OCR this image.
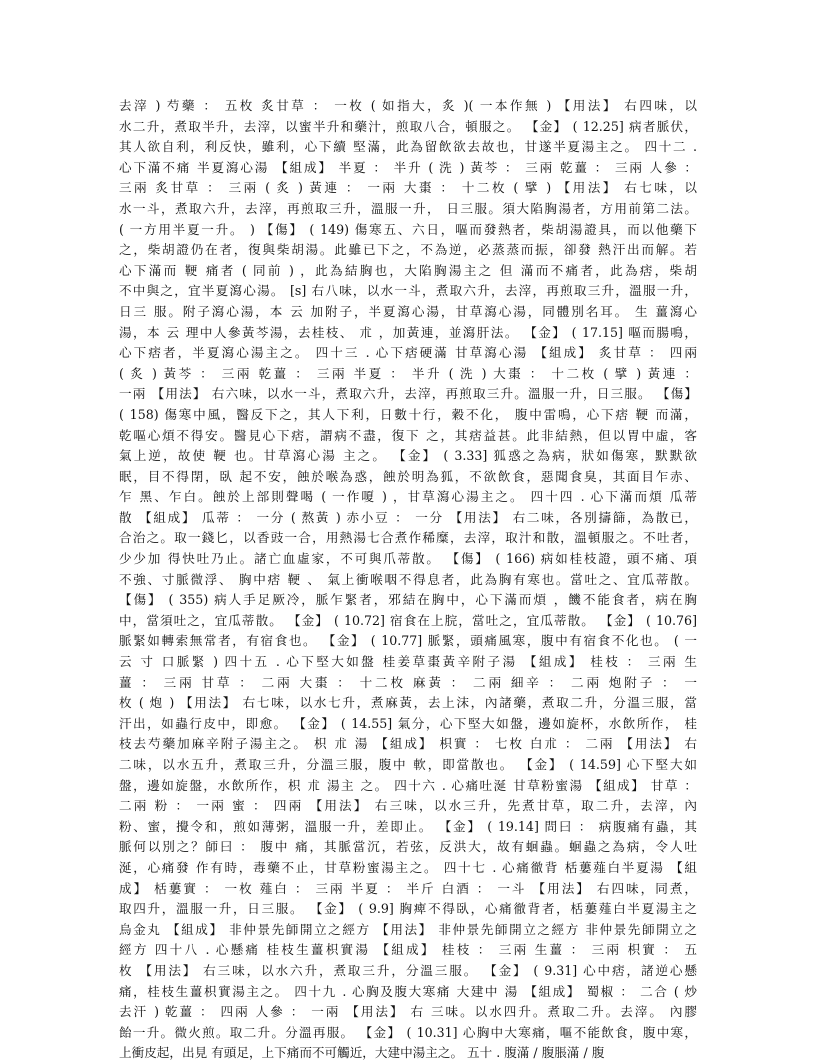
去滓 ) 芍藥 ： 五枚 炙甘草 ： 一枚 ( 如指大，炙 )( 一本作無 ) 【用法】 右四味，以
水二升，煮取半升，去滓，以蜜半升和藥汁，煎取八合，頓服之。 【金】 ( 12.25] 病者脈伏，
其人欲自利，利反快，雖利，心下續 堅滿，此為留飲欲去故也，甘遂半夏湯主之。 四十二 .
心下滿不痛 半夏瀉心湯 【組成】 半夏 ： 半升 ( 洗 ) 黃芩 ： 三兩 乾薑 ： 三兩 人參 ：
三兩 炙甘草 ： 三兩 ( 炙 ) 黃連 ： 一兩 大棗 ： 十二枚 ( 擘 ) 【用法】 右七味，以
水一斗，煮取六升，去滓，再煎取三升，溫服一升， 日三服。須大陷胸湯者，方用前第二法。
( 一方用半夏一升。 ) 【傷】 ( 149) 傷寒五、六日，嘔而發熱者，柴胡湯證具，而以他藥下
之，柴胡證仍在者，復與柴胡湯。此雖已下之，不為逆，必蒸蒸而振，卻發 熱汗出而解。若
心下滿而 鞕 痛者 ( 同前 ) ，此為結胸也，大陷胸湯主之 但 滿而不痛者，此為痞，柴胡
不中與之，宜半夏瀉心湯。 [s] 右八味，以水一斗，煮取六升，去滓，再煎取三升，溫服一升，
日三 服。附子瀉心湯，本 云 加附子，半夏瀉心湯，甘草瀉心湯，同體別名耳。 生 薑瀉心
湯，本 云 理中人參黃芩湯，去桂枝、 朮 ，加黃連，並瀉肝法。 【金】 ( 17.15] 嘔而腸鳴，
心下痞者，半夏瀉心湯主之。 四十三 . 心下痞硬滿 甘草瀉心湯 【組成】 炙甘草 ： 四兩
( 炙 ) 黃芩 ： 三兩 乾薑 ： 三兩 半夏 ： 半升 ( 洗 ) 大棗 ： 十二枚 ( 擘 ) 黃連 ：
一兩 【用法】 右六味，以水一斗，煮取六升，去滓，再煎取三升。溫服一升，日三服。 【傷】
( 158) 傷寒中風，醫反下之，其人下利，日數十行，穀不化， 腹中雷鳴，心下痞 鞕 而滿，
乾嘔心煩不得安。醫見心下痞，謂病不盡，復下 之，其痞益甚。此非結熱，但以胃中虛，客
氣上逆，故使 鞕 也。甘草瀉心湯 主之。 【金】 ( 3.33] 狐惑之為病，狀如傷寒，默默欲
眠，目不得閉，臥 起不安，蝕於喉為惑，蝕於明為狐，不欲飲食，惡聞食臭，其面目乍赤、
乍 黑、乍白。蝕於上部則聲喝 ( 一作嗄 ) ，甘草瀉心湯主之。 四十四 . 心下滿而煩 瓜蒂
散 【組成】 瓜蒂 ： 一分 ( 熬黃 ) 赤小豆 ： 一分 【用法】 右二味，各別擣篩，為散已，
合治之。取一錢匕，以香豉一合，用熱湯七合煮作稀糜，去滓，取汁和散，溫頓服之。不吐者，
少少加 得快吐乃止。諸亡血虛家，不可與爪蒂散。 【傷】 ( 166) 病如桂枝證，頭不痛、項
不強、寸脈微浮、 胸中痞 鞕 、 氣上衝喉咽不得息者，此為胸有寒也。當吐之、宜瓜蒂散。
【傷】 ( 355) 病人手足厥冷，脈乍緊者，邪結在胸中，心下滿而煩 ，饑不能食者，病在胸
中，當須吐之，宜瓜蒂散。 【金】 ( 10.72] 宿食在上脘，當吐之，宜瓜蒂散。 【金】 ( 10.76]
脈緊如轉索無常者，有宿食也。 【金】 ( 10.77] 脈緊，頭痛風寒，腹中有宿食不化也。 ( 一
云 寸 口脈緊 ) 四十五 . 心下堅大如盤 桂姜草棗黃辛附子湯 【組成】 桂枝 ： 三兩 生
薑 ： 三兩 甘草 ： 二兩 大棗 ： 十二枚 麻黃 ： 二兩 細辛 ： 二兩 炮附子 ： 一
枚 ( 炮 ) 【用法】 右七味，以水七升，煮麻黃，去上沫，內諸藥，煮取二升，分溫三服，當
汗出，如蟲行皮中，即愈。 【金】 ( 14.55] 氣分，心下堅大如盤，邊如旋杯，水飲所作， 桂
枝去芍藥加麻辛附子湯主之。 枳 朮 湯 【組成】 枳實 ： 七枚 白朮 ： 二兩 【用法】 右
二味，以水五升，煮取三升，分溫三服，腹中 軟，即當散也。 【金】 ( 14.59] 心下堅大如
盤，邊如旋盤，水飲所作，枳 朮 湯主 之。 四十六 . 心痛吐涎 甘草粉蜜湯 【組成】 甘草 ：
二兩 粉 ： 一兩 蜜 ： 四兩 【用法】 右三味，以水三升，先煮甘草，取二升，去滓，內
粉、蜜，攪令和，煎如薄粥，溫服一升，差即止。 【金】 ( 19.14] 問曰 ： 病腹痛有蟲，其
脈何以別之？師曰 ： 腹中 痛，其脈當沉，若弦，反洪大，故有蛔蟲。蛔蟲之為病，令人吐
涎，心痛發 作有時，毒藥不止，甘草粉蜜湯主之。 四十七 . 心痛徹背 栝蔞薤白半夏湯 【組
成】 栝蔞實 ： 一枚 薤白 ： 三兩 半夏 ： 半斤 白酒 ： 一斗 【用法】 右四味，同煮，
取四升，溫服一升，日三服。 【金】 ( 9.9] 胸痺不得臥，心痛徹背者，栝蔞薤白半夏湯主之
烏金丸 【組成】 非仲景先師開立之經方 【用法】 非仲景先師開立之經方 非仲景先師開立之
經方 四十八 . 心懸痛 桂枝生薑枳實湯 【組成】 桂枝 ： 三兩 生薑 ： 三兩 枳實 ： 五
枚 【用法】 右三味，以水六升，煮取三升，分溫三服。 【金】 ( 9.31] 心中痞，諸逆心懸
痛，桂枝生薑枳實湯主之。 四十九 . 心胸及腹大寒痛 大建中 湯 【組成】 蜀椒 ： 二合 ( 炒
去汗 ) 乾薑 ： 四兩 人參 ： 一兩 【用法】 右 三味。以水四升。煮取二升。去滓。 內膠
飴一升。微火煎。取二升。分溫再服。 【金】 ( 10.31] 心胸中大寒痛，嘔不能飲食，腹中寒，
上衝皮起，出見 有頭足，上下痛而不可觸近，大建中湯主之。 五十 . 腹滿 / 腹脹滿 / 腹
